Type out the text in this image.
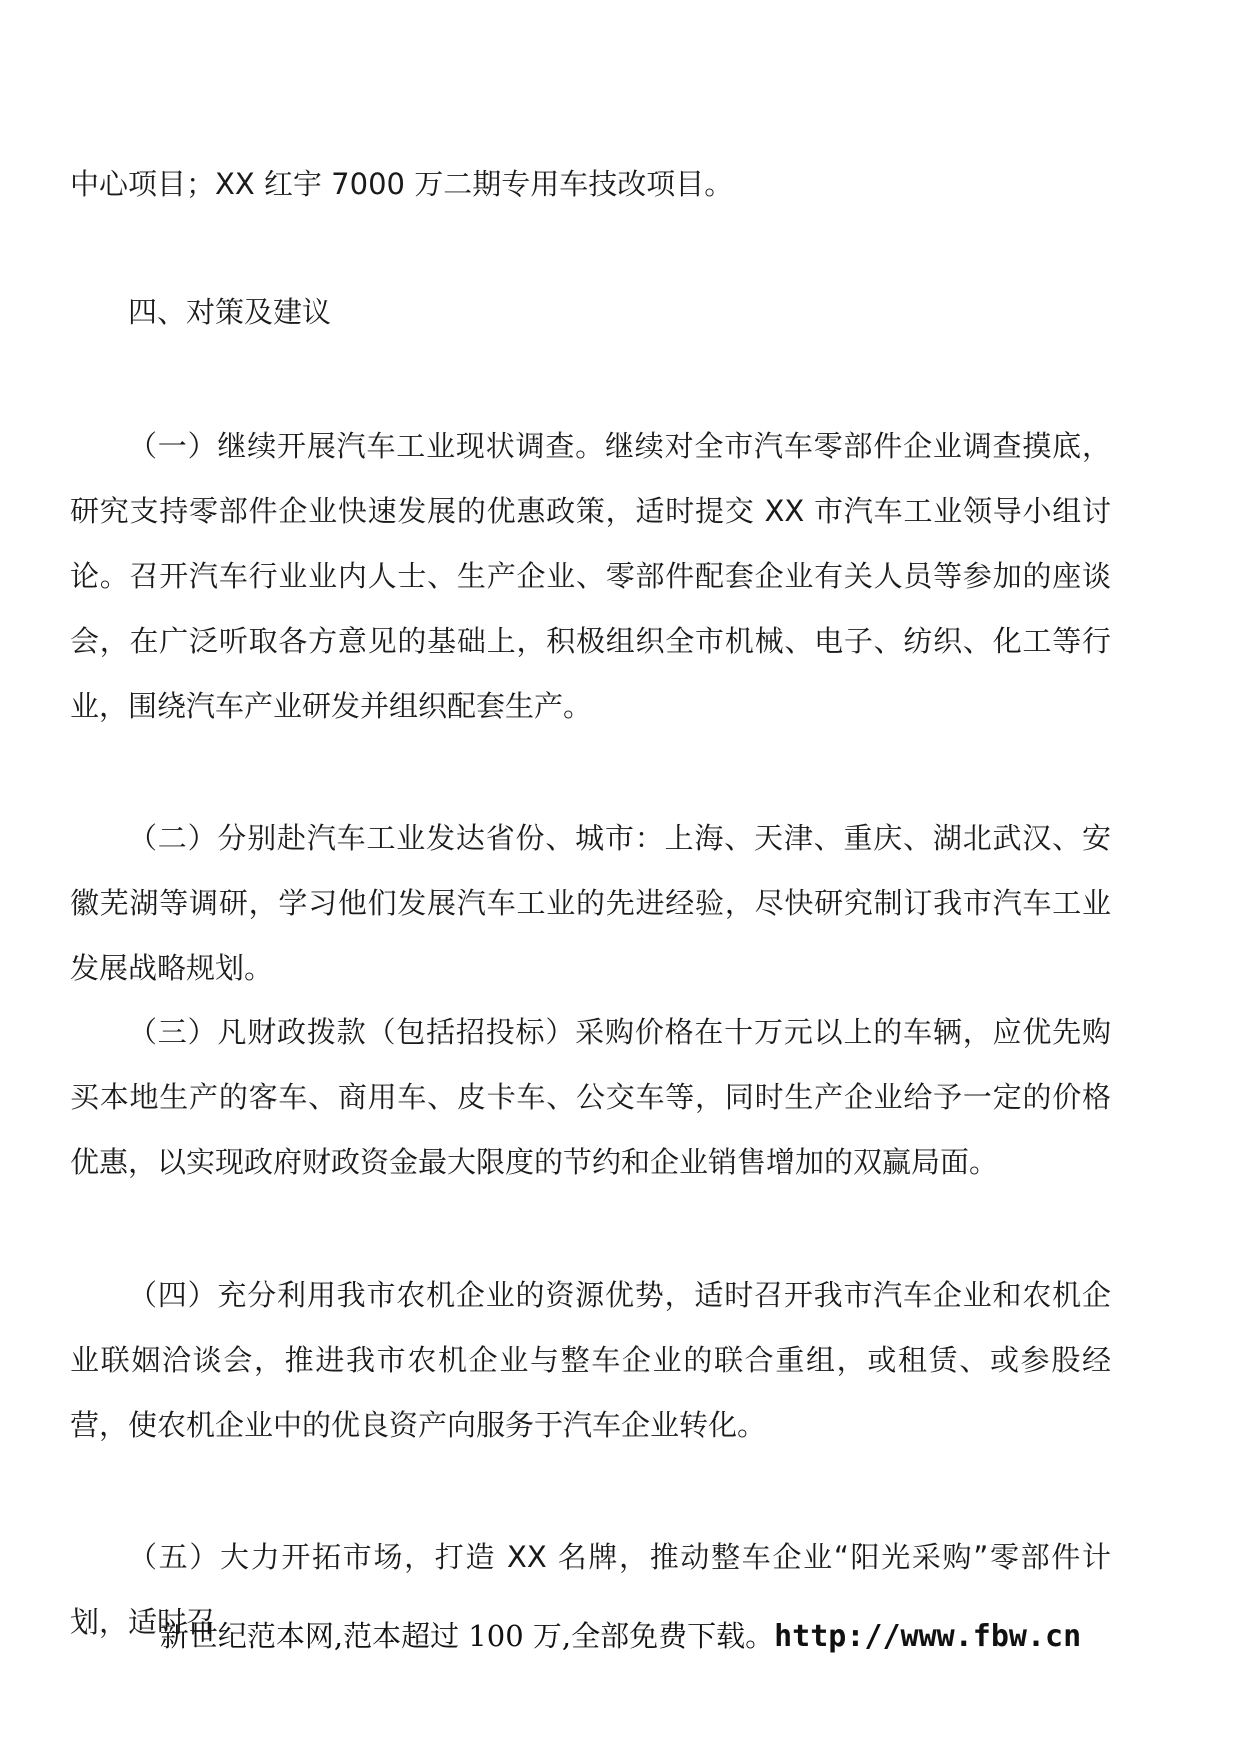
中心项目；XX 红宇 7000 万二期专用车技改项目。

四、对策及建议

（一）继续开展汽车工业现状调查。继续对全市汽车零部件企业调查摸底，研究支持零部件企业快速发展的优惠政策，适时提交 XX 市汽车工业领导小组讨论。召开汽车行业业内人士、生产企业、零部件配套企业有关人员等参加的座谈会，在广泛听取各方意见的基础上，积极组织全市机械、电子、纺织、化工等行业，围绕汽车产业研发并组织配套生产。

（二）分别赴汽车工业发达省份、城市：上海、天津、重庆、湖北武汉、安徽芜湖等调研，学习他们发展汽车工业的先进经验，尽快研究制订我市汽车工业发展战略规划。

（三）凡财政拨款（包括招投标）采购价格在十万元以上的车辆，应优先购买本地生产的客车、商用车、皮卡车、公交车等，同时生产企业给予一定的价格优惠，以实现政府财政资金最大限度的节约和企业销售增加的双赢局面。

（四）充分利用我市农机企业的资源优势，适时召开我市汽车企业和农机企业联姻洽谈会，推进我市农机企业与整车企业的联合重组，或租赁、或参股经营，使农机企业中的优良资产向服务于汽车企业转化。

（五）大力开拓市场，打造 XX 名牌，推动整车企业“阳光采购”零部件计划，适时召

新世纪范本网,范本超过 100 万,全部免费下载。http://www.fbw.cn
